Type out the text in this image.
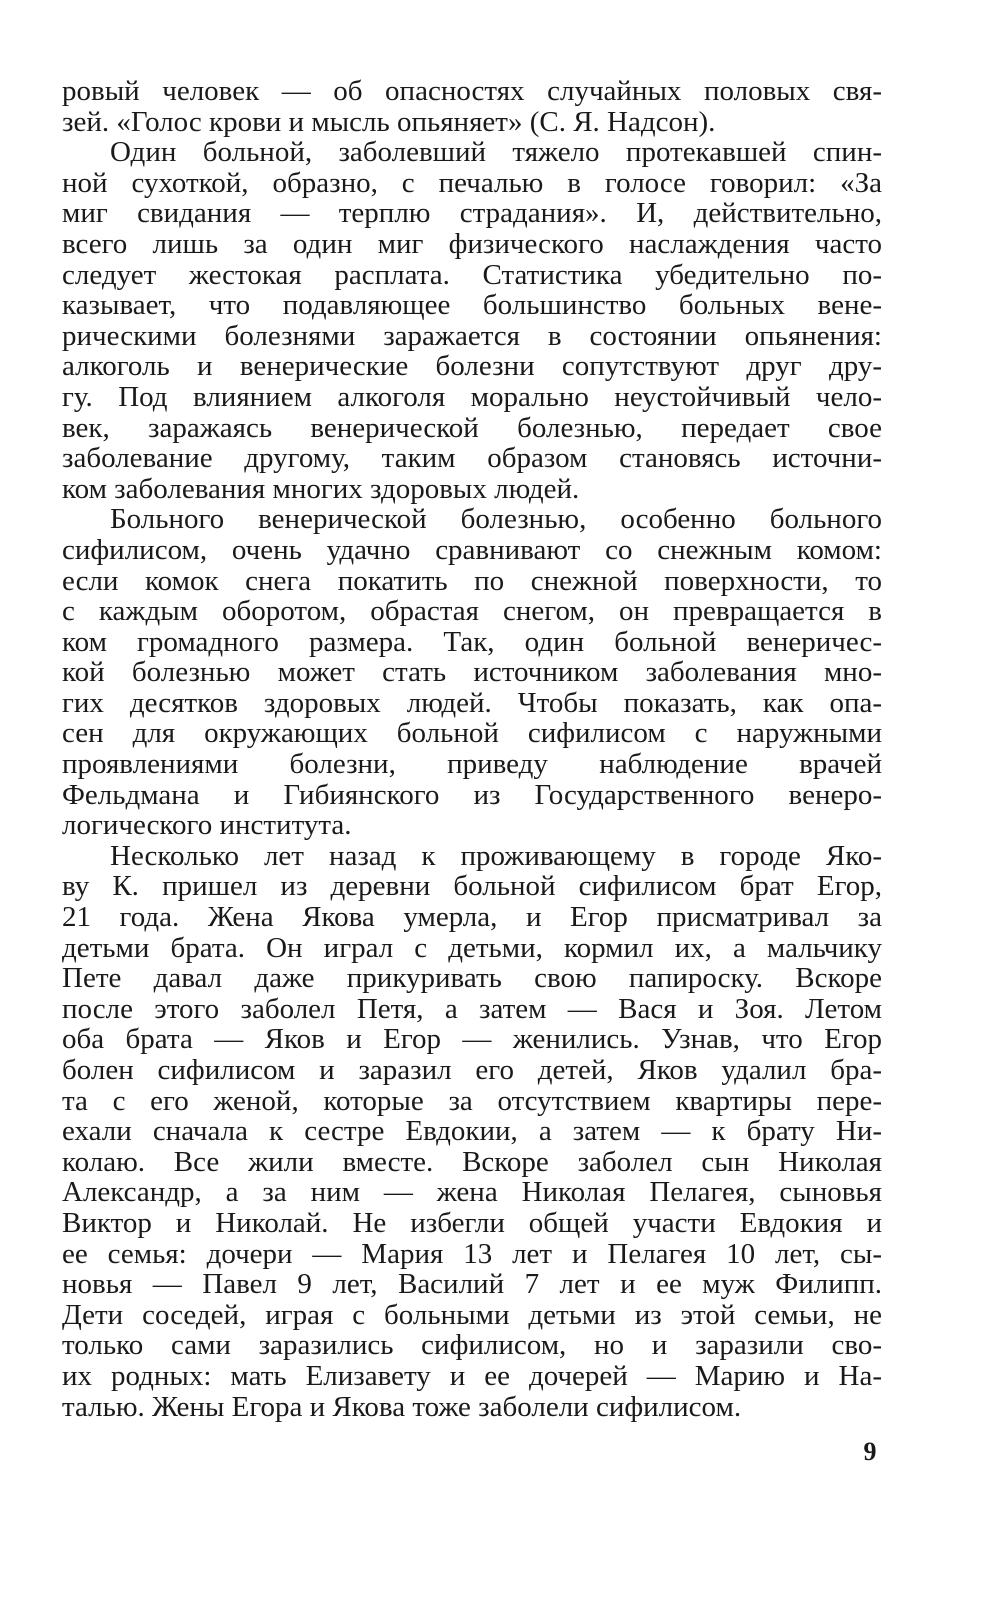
ровый человек — об опасностях случайных половых свя-
зей. «Голос крови и мысль опьяняет» (С. Я. Надсон).
Один больной, заболевший тяжело протекавшей спин-
ной сухоткой, образно, с печалью в голосе говорил: «За
миг свидания — терплю страдания». И, действительно,
всего лишь за один миг физического наслаждения часто
следует жестокая расплата. Статистика убедительно по-
казывает, что подавляющее большинство больных вене-
рическими болезнями заражается в состоянии опьянения:
алкоголь и венерические болезни сопутствуют друг дру-
гу. Под влиянием алкоголя морально неустойчивый чело-
век, заражаясь венерической болезнью, передает свое
заболевание другому, таким образом становясь источни-
ком заболевания многих здоровых людей.
Больного венерической болезнью, особенно больного
сифилисом, очень удачно сравнивают со снежным комом:
если комок снега покатить по снежной поверхности, то
с каждым оборотом, обрастая снегом, он превращается в
ком громадного размера. Так, один больной венеричес-
кой болезнью может стать источником заболевания мно-
гих десятков здоровых людей. Чтобы показать, как опа-
сен для окружающих больной сифилисом с наружными
проявлениями болезни, приведу наблюдение врачей
Фельдмана и Гибиянского из Государственного венеро-
логического института.
Несколько лет назад к проживающему в городе Яко-
ву К. пришел из деревни больной сифилисом брат Егор,
21 года. Жена Якова умерла, и Егор присматривал за
детьми брата. Он играл с детьми, кормил их, а мальчику
Пете давал даже прикуривать свою папироску. Вскоре
после этого заболел Петя, а затем — Вася и Зоя. Летом
оба брата — Яков и Егор — женились. Узнав, что Егор
болен сифилисом и заразил его детей, Яков удалил бра-
та с его женой, которые за отсутствием квартиры пере-
ехали сначала к сестре Евдокии, а затем — к брату Ни-
колаю. Все жили вместе. Вскоре заболел сын Николая
Александр, а за ним — жена Николая Пелагея, сыновья
Виктор и Николай. Не избегли общей участи Евдокия и
ее семья: дочери — Мария 13 лет и Пелагея 10 лет, сы-
новья — Павел 9 лет, Василий 7 лет и ее муж Филипп.
Дети соседей, играя с больными детьми из этой семьи, не
только сами заразились сифилисом, но и заразили сво-
их родных: мать Елизавету и ее дочерей — Марию и На-
талью. Жены Егора и Якова тоже заболели сифилисом.
9
